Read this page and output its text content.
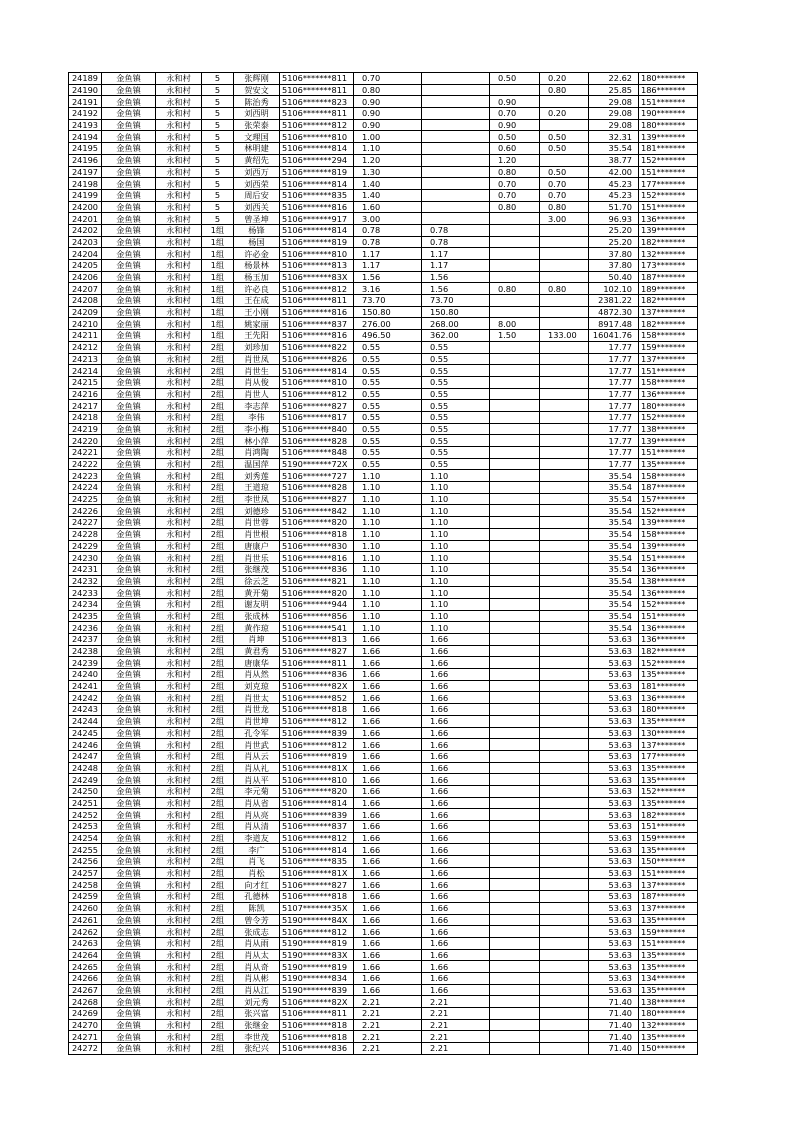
24189	金鱼镇	永和村	5	张辉刚	5106*******811	0.70		0.50	0.20	22.62	180*******
24190	金鱼镇	永和村	5	贺安文	5106*******811	0.80			0.80	25.85	186*******
24191	金鱼镇	永和村	5	陈治秀	5106*******823	0.90		0.90		29.08	151*******
24192	金鱼镇	永和村	5	刘西明	5106*******811	0.90		0.70	0.20	29.08	190*******
24193	金鱼镇	永和村	5	张荣泰	5106*******812	0.90		0.90		29.08	180*******
24194	金鱼镇	永和村	5	文理国	5106*******810	1.00		0.50	0.50	32.31	139*******
24195	金鱼镇	永和村	5	林明建	5106*******814	1.10		0.60	0.50	35.54	181*******
24196	金鱼镇	永和村	5	黄绍先	5106*******294	1.20		1.20		38.77	152*******
24197	金鱼镇	永和村	5	刘西万	5106*******819	1.30		0.80	0.50	42.00	151*******
24198	金鱼镇	永和村	5	刘西荣	5106*******814	1.40		0.70	0.70	45.23	177*******
24199	金鱼镇	永和村	5	周后安	5106*******835	1.40		0.70	0.70	45.23	152*******
24200	金鱼镇	永和村	5	刘西关	5106*******816	1.60		0.80	0.80	51.70	151*******
24201	金鱼镇	永和村	5	曾圣坤	5106*******917	3.00			3.00	96.93	136*******
24202	金鱼镇	永和村	1组	杨锋	5106*******814	0.78	0.78			25.20	139*******
24203	金鱼镇	永和村	1组	杨国	5106*******819	0.78	0.78			25.20	182*******
24204	金鱼镇	永和村	1组	许必金	5106*******810	1.17	1.17			37.80	132*******
24205	金鱼镇	永和村	1组	杨景林	5106*******813	1.17	1.17			37.80	173*******
24206	金鱼镇	永和村	1组	杨玉加	5106*******83X	1.56	1.56			50.40	187*******
24207	金鱼镇	永和村	1组	许必良	5106*******812	3.16	1.56	0.80	0.80	102.10	189*******
24208	金鱼镇	永和村	1组	王在成	5106*******811	73.70	73.70			2381.22	182*******
24209	金鱼镇	永和村	1组	王小刚	5106*******816	150.80	150.80			4872.30	137*******
24210	金鱼镇	永和村	1组	姚家丽	5106*******837	276.00	268.00	8.00		8917.48	182*******
24211	金鱼镇	永和村	1组	王先阳	5106*******816	496.50	362.00	1.50	133.00	16041.76	158*******
24212	金鱼镇	永和村	2组	刘珍加	5106*******822	0.55	0.55			17.77	159*******
24213	金鱼镇	永和村	2组	肖世凤	5106*******826	0.55	0.55			17.77	137*******
24214	金鱼镇	永和村	2组	肖世生	5106*******814	0.55	0.55			17.77	151*******
24215	金鱼镇	永和村	2组	肖从俊	5106*******810	0.55	0.55			17.77	158*******
24216	金鱼镇	永和村	2组	肖世人	5106*******812	0.55	0.55			17.77	136*******
24217	金鱼镇	永和村	2组	李志萍	5106*******827	0.55	0.55			17.77	180*******
24218	金鱼镇	永和村	2组	李伟	5106*******817	0.55	0.55			17.77	152*******
24219	金鱼镇	永和村	2组	李小梅	5106*******840	0.55	0.55			17.77	138*******
24220	金鱼镇	永和村	2组	林小萍	5106*******828	0.55	0.55			17.77	139*******
24221	金鱼镇	永和村	2组	肖鸿陶	5106*******848	0.55	0.55			17.77	151*******
24222	金鱼镇	永和村	2组	温国萍	5190*******72X	0.55	0.55			17.77	135*******
24223	金鱼镇	永和村	2组	刘秀莲	5106*******727	1.10	1.10			35.54	158*******
24224	金鱼镇	永和村	2组	王道琼	5106*******828	1.10	1.10			35.54	187*******
24225	金鱼镇	永和村	2组	李世凤	5106*******827	1.10	1.10			35.54	157*******
24226	金鱼镇	永和村	2组	刘德珍	5106*******842	1.10	1.10			35.54	152*******
24227	金鱼镇	永和村	2组	肖世蓉	5106*******820	1.10	1.10			35.54	139*******
24228	金鱼镇	永和村	2组	肖世根	5106*******818	1.10	1.10			35.54	158*******
24229	金鱼镇	永和村	2组	唐康户	5106*******830	1.10	1.10			35.54	139*******
24230	金鱼镇	永和村	2组	肖世乐	5106*******816	1.10	1.10			35.54	151*******
24231	金鱼镇	永和村	2组	张继茂	5106*******836	1.10	1.10			35.54	136*******
24232	金鱼镇	永和村	2组	徐云芝	5106*******821	1.10	1.10			35.54	138*******
24233	金鱼镇	永和村	2组	黄开菊	5106*******820	1.10	1.10			35.54	136*******
24234	金鱼镇	永和村	2组	谢友明	5106*******944	1.10	1.10			35.54	152*******
24235	金鱼镇	永和村	2组	张成林	5106*******856	1.10	1.10			35.54	151*******
24236	金鱼镇	永和村	2组	黄作琼	5106*******541	1.10	1.10			35.54	136*******
24237	金鱼镇	永和村	2组	肖坤	5106*******813	1.66	1.66			53.63	136*******
24238	金鱼镇	永和村	2组	黄君秀	5106*******827	1.66	1.66			53.63	182*******
24239	金鱼镇	永和村	2组	唐康华	5106*******811	1.66	1.66			53.63	152*******
24240	金鱼镇	永和村	2组	肖从然	5106*******836	1.66	1.66			53.63	135*******
24241	金鱼镇	永和村	2组	刘克琼	5106*******82X	1.66	1.66			53.63	181*******
24242	金鱼镇	永和村	2组	肖世太	5106*******852	1.66	1.66			53.63	136*******
24243	金鱼镇	永和村	2组	肖世龙	5106*******818	1.66	1.66			53.63	180*******
24244	金鱼镇	永和村	2组	肖世坤	5106*******812	1.66	1.66			53.63	135*******
24245	金鱼镇	永和村	2组	孔令军	5106*******839	1.66	1.66			53.63	130*******
24246	金鱼镇	永和村	2组	肖世武	5106*******812	1.66	1.66			53.63	137*******
24247	金鱼镇	永和村	2组	肖从云	5106*******819	1.66	1.66			53.63	177*******
24248	金鱼镇	永和村	2组	肖从礼	5106*******81X	1.66	1.66			53.63	135*******
24249	金鱼镇	永和村	2组	肖从平	5106*******810	1.66	1.66			53.63	135*******
24250	金鱼镇	永和村	2组	李元菊	5106*******820	1.66	1.66			53.63	152*******
24251	金鱼镇	永和村	2组	肖从省	5106*******814	1.66	1.66			53.63	135*******
24252	金鱼镇	永和村	2组	肖从亮	5106*******839	1.66	1.66			53.63	182*******
24253	金鱼镇	永和村	2组	肖从清	5106*******837	1.66	1.66			53.63	151*******
24254	金鱼镇	永和村	2组	李道友	5106*******812	1.66	1.66			53.63	159*******
24255	金鱼镇	永和村	2组	李广	5106*******814	1.66	1.66			53.63	135*******
24256	金鱼镇	永和村	2组	肖飞	5106*******835	1.66	1.66			53.63	150*******
24257	金鱼镇	永和村	2组	肖松	5106*******81X	1.66	1.66			53.63	151*******
24258	金鱼镇	永和村	2组	向才红	5106*******827	1.66	1.66			53.63	137*******
24259	金鱼镇	永和村	2组	孔德林	5106*******818	1.66	1.66			53.63	187*******
24260	金鱼镇	永和村	2组	陈凯	5107*******35X	1.66	1.66			53.63	137*******
24261	金鱼镇	永和村	2组	曾令芳	5190*******84X	1.66	1.66			53.63	135*******
24262	金鱼镇	永和村	2组	张成志	5106*******812	1.66	1.66			53.63	159*******
24263	金鱼镇	永和村	2组	肖从雨	5190*******819	1.66	1.66			53.63	151*******
24264	金鱼镇	永和村	2组	肖从太	5190*******83X	1.66	1.66			53.63	135*******
24265	金鱼镇	永和村	2组	肖从奇	5190*******819	1.66	1.66			53.63	135*******
24266	金鱼镇	永和村	2组	肖从彬	5190*******834	1.66	1.66			53.63	134*******
24267	金鱼镇	永和村	2组	肖从江	5190*******839	1.66	1.66			53.63	135*******
24268	金鱼镇	永和村	2组	刘元秀	5106*******82X	2.21	2.21			71.40	138*******
24269	金鱼镇	永和村	2组	张兴富	5106*******811	2.21	2.21			71.40	180*******
24270	金鱼镇	永和村	2组	张继金	5106*******818	2.21	2.21			71.40	132*******
24271	金鱼镇	永和村	2组	李世茂	5106*******818	2.21	2.21			71.40	135*******
24272	金鱼镇	永和村	2组	张纪兴	5106*******836	2.21	2.21			71.40	150*******
